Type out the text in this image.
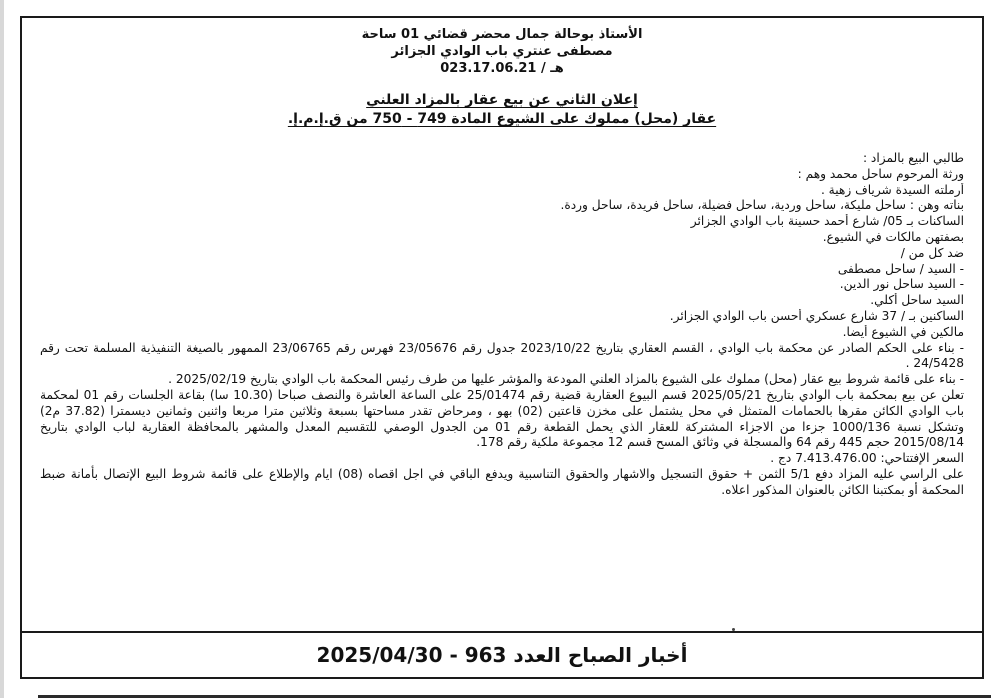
الأستاذ بوحالة جمال محضر قضائي 01 ساحة
مصطفى عنتري باب الوادي الجزائر
هـ / 023.17.06.21
إعلان الثاني عن بيع عقار بالمزاد العلني
عقار (محل) مملوك على الشيوع المادة 749 - 750 من ق.إ.م.إ.
طالبي البيع بالمزاد :
ورثة المرحوم ساحل محمد وهم :
أرملته السيدة شرياف زهية .
بناته وهن : ساحل مليكة، ساحل وردية، ساحل فضيلة، ساحل فريدة، ساحل وردة.
الساكنات بـ 05/ شارع أحمد حسينة باب الوادي الجزائر
بصفتهن مالكات في الشيوع.
ضد كل من /
- السيد / ساحل مصطفى
- السيد ساحل نور الدين.
السيد ساحل أكلي.
الساكنين بـ / 37 شارع عسكري أحسن باب الوادي الجزائر.
مالكين في الشيوع أيضا.
- بناء على الحكم الصادر عن محكمة باب الوادي ، القسم العقاري بتاريخ 2023/10/22 جدول رقم 23/05676 فهرس رقم 23/06765 الممهور بالصيغة التنفيذية المسلمة تحت رقم 24/5428 .
- بناء على قائمة شروط بيع عقار (محل) مملوك على الشيوع بالمزاد العلني المودعة والمؤشر عليها من طرف رئيس المحكمة باب الوادي بتاريخ 2025/02/19 .
تعلن عن بيع بمحكمة باب الوادي بتاريخ 2025/05/21 قسم البيوع العقارية قضية رقم 25/01474 على الساعة العاشرة والنصف صباحا (10.30 سا) بقاعة الجلسات رقم 01 لمحكمة باب الوادي الكائن مقرها بالحمامات المتمثل في محل يشتمل على مخزن قاعتين (02) بهو ، ومرحاض تقدر مساحتها بسبعة وثلاثين مترا مربعا واثنين وثمانين ديسمترا (37.82 م2) وتشكل نسبة 1000/136 جزءا من الاجزاء المشتركة للعقار الذي يحمل القطعة رقم 01 من الجدول الوصفي للتقسيم المعدل والمشهر بالمحافظة العقارية لباب الوادي بتاريخ 2015/08/14 حجم 445 رقم 64 والمسجلة في وثائق المسح قسم 12 مجموعة ملكية رقم 178.
السعر الإفتتاحي: 7.413.476.00 دج .
على الراسي عليه المزاد دفع 5/1 الثمن + حقوق التسجيل والاشهار والحقوق التناسبية ويدفع الباقي في اجل اقصاه (08) ايام والإطلاع على قائمة شروط البيع الإتصال بأمانة ضبط المحكمة أو بمكتبنا الكائن بالعنوان المذكور اعلاه.
أخبار الصباح العدد 963 - 2025/04/30
